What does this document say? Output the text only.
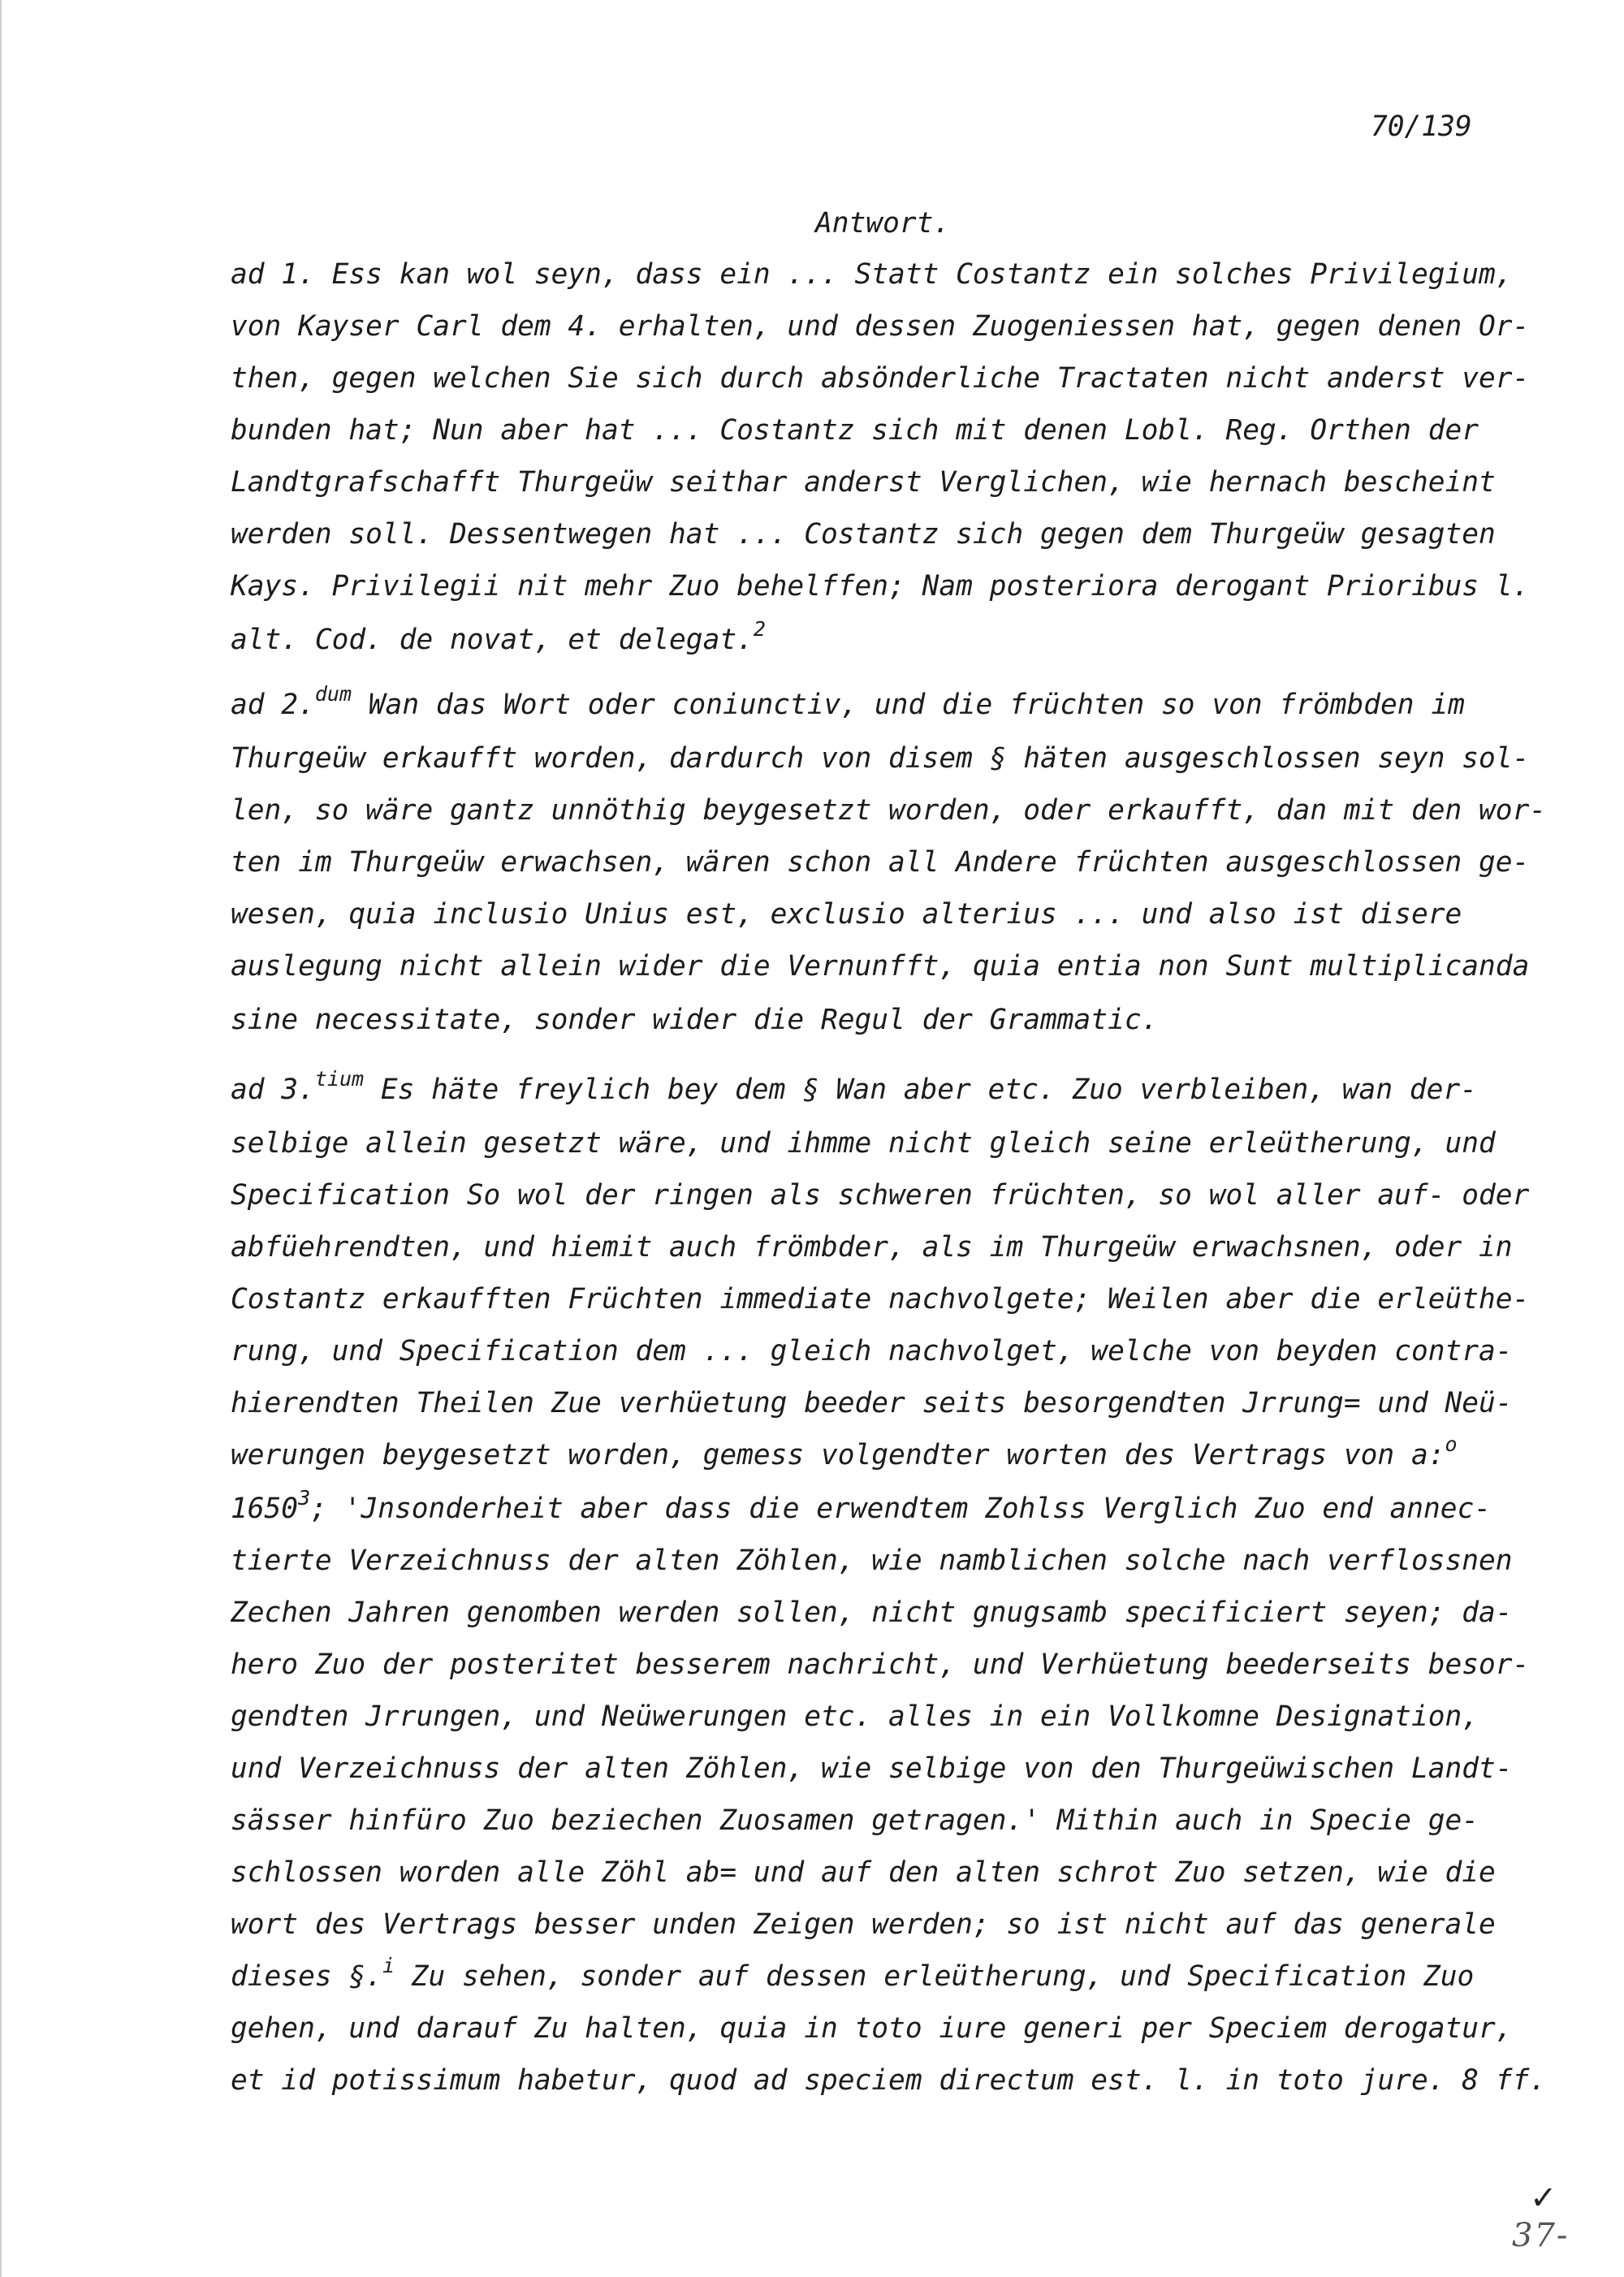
70/139
Antwort.
ad 1. Ess kan wol seyn, dass ein ... Statt Costantz ein solches Privilegium,
von Kayser Carl dem 4. erhalten, und dessen Zuogeniessen hat, gegen denen Or-
then, gegen welchen Sie sich durch absönderliche Tractaten nicht anderst ver-
bunden hat; Nun aber hat ... Costantz sich mit denen Lobl. Reg. Orthen der
Landtgrafschafft Thurgeüw seithar anderst Verglichen, wie hernach bescheint
werden soll. Dessentwegen hat ... Costantz sich gegen dem Thurgeüw gesagten
Kays. Privilegii nit mehr Zuo behelffen; Nam posteriora derogant Prioribus l.
alt. Cod. de novat, et delegat.$^2$
ad 2.$^{dum}$ Wan das Wort oder coniunctiv, und die früchten so von frömbden im
Thurgeüw erkaufft worden, dardurch von disem § häten ausgeschlossen seyn sol-
len, so wäre gantz unnöthig beygesetzt worden, oder erkaufft, dan mit den wor-
ten im Thurgeüw erwachsen, wären schon all Andere früchten ausgeschlossen ge-
wesen, quia inclusio Unius est, exclusio alterius ... und also ist disere
auslegung nicht allein wider die Vernunfft, quia entia non Sunt multiplicanda
sine necessitate, sonder wider die Regul der Grammatic.
ad 3.$^{tium}$ Es häte freylich bey dem § Wan aber etc. Zuo verbleiben, wan der-
selbige allein gesetzt wäre, und ihmme nicht gleich seine erleütherung, und
Specification So wol der ringen als schweren früchten, so wol aller auf- oder
abfüehrendten, und hiemit auch frömbder, als im Thurgeüw erwachsnen, oder in
Costantz erkaufften Früchten immediate nachvolgete; Weilen aber die erleüthe-
rung, und Specification dem ... gleich nachvolget, welche von beyden contra-
hierendten Theilen Zue verhüetung beeder seits besorgendten Jrrung= und Neü-
werungen beygesetzt worden, gemess volgendter worten des Vertrags von a:$^o$
1650$^3$; 'Jnsonderheit aber dass die erwendtem Zohlss Verglich Zuo end annec-
tierte Verzeichnuss der alten Zöhlen, wie namblichen solche nach verflossnen
Zechen Jahren genomben werden sollen, nicht gnugsamb specificiert seyen; da-
hero Zuo der posteritet besserem nachricht, und Verhüetung beederseits besor-
gendten Jrrungen, und Neüwerungen etc. alles in ein Vollkomne Designation,
und Verzeichnuss der alten Zöhlen, wie selbige von den Thurgeüwischen Landt-
sässer hinfüro Zuo beziechen Zuosamen getragen.' Mithin auch in Specie ge-
schlossen worden alle Zöhl ab= und auf den alten schrot Zuo setzen, wie die
wort des Vertrags besser unden Zeigen werden; so ist nicht auf das generale
dieses §.$^i$ Zu sehen, sonder auf dessen erleütherung, und Specification Zuo
gehen, und darauf Zu halten, quia in toto iure generi per Speciem derogatur,
et id potissimum habetur, quod ad speciem directum est. l. in toto jure. 8 ff.
✓
37-
